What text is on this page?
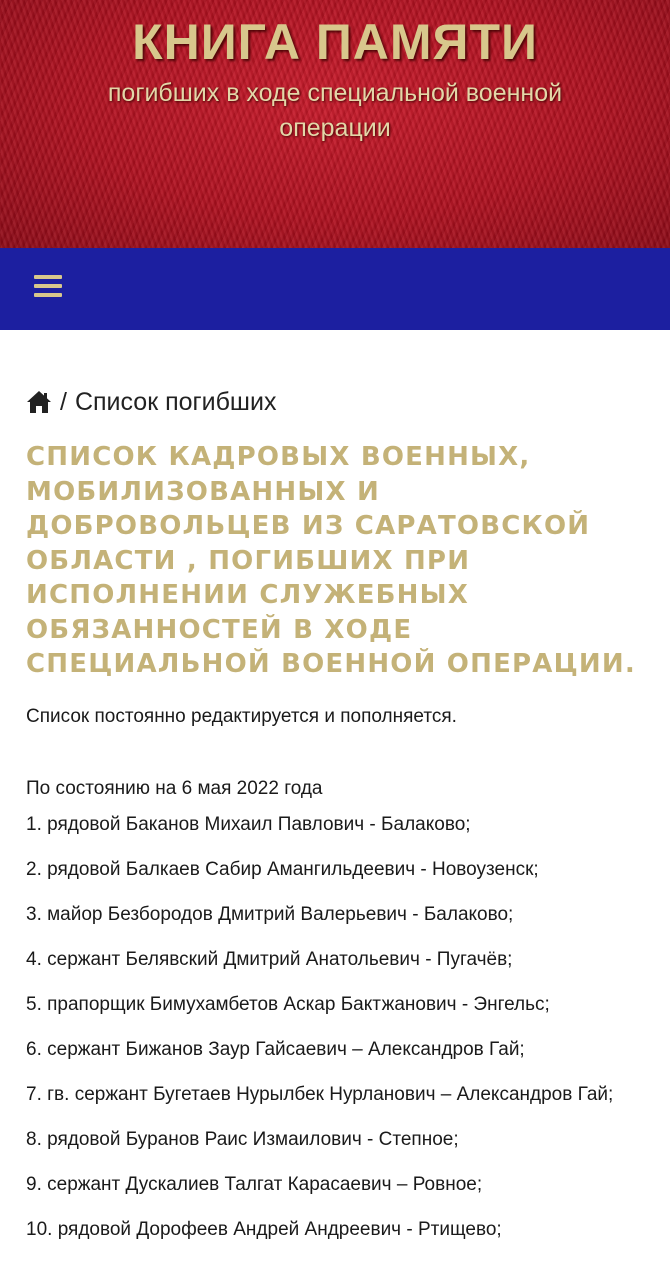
КНИГА ПАМЯТИ
погибших в ходе специальной военной операции
/ Список погибших
СПИСОК КАДРОВЫХ ВОЕННЫХ, МОБИЛИЗОВАННЫХ И ДОБРОВОЛЬЦЕВ ИЗ САРАТОВСКОЙ ОБЛАСТИ , ПОГИБШИХ ПРИ ИСПОЛНЕНИИ СЛУЖЕБНЫХ ОБЯЗАННОСТЕЙ В ХОДЕ СПЕЦИАЛЬНОЙ ВОЕННОЙ ОПЕРАЦИИ.

Список постоянно редактируется и пополняется.

По состоянию на 6 мая 2022 года

1. рядовой Баканов Михаил Павлович - Балаково;
2. рядовой Балкаев Сабир Амангильдеевич - Новоузенск;
3. майор Безбородов Дмитрий Валерьевич - Балаково;
4. сержант Белявский Дмитрий Анатольевич - Пугачёв;
5. прапорщик Бимухамбетов Аскар Бактжанович - Энгельс;
6. сержант Бижанов Заур Гайсаевич – Александров Гай;
7. гв. сержант Бугетаев Нурылбек Нурланович – Александров Гай;
8. рядовой Буранов Раис Измаилович - Степное;
9. сержант Дускалиев Талгат Карасаевич – Ровное;
10. рядовой Дорофеев Андрей Андреевич - Ртищево;
